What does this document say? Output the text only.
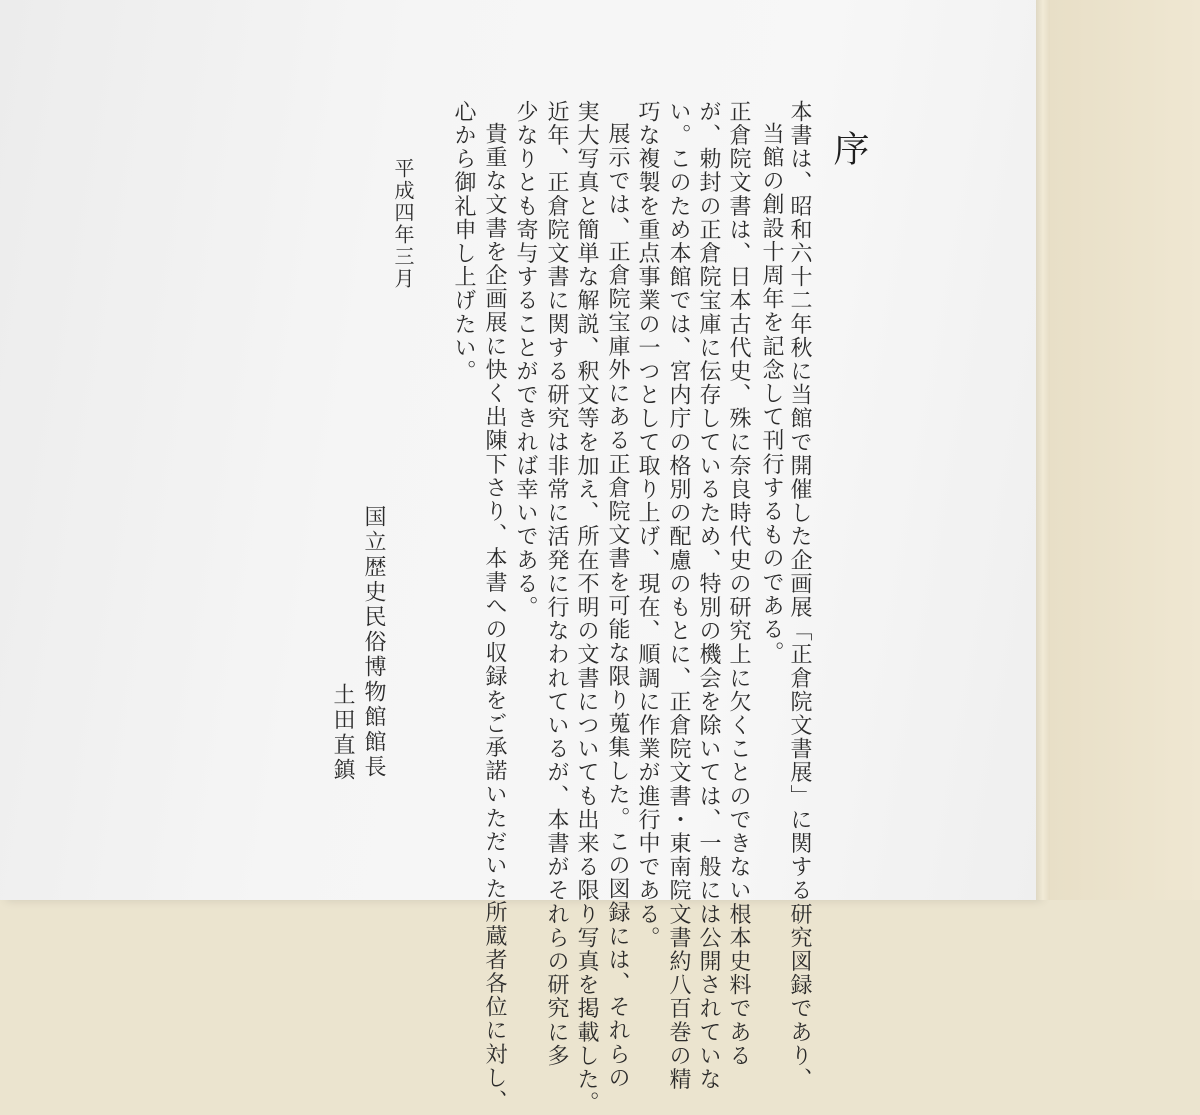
序
本書は、昭和六十二年秋に当館で開催した企画展「正倉院文書展」に関する研究図録であり、
当館の創設十周年を記念して刊行するものである。
正倉院文書は、日本古代史、殊に奈良時代史の研究上に欠くことのできない根本史料である
が、勅封の正倉院宝庫に伝存しているため、特別の機会を除いては、一般には公開されていな
い。このため本館では、宮内庁の格別の配慮のもとに、正倉院文書・東南院文書約八百巻の精
巧な複製を重点事業の一つとして取り上げ、現在、順調に作業が進行中である。
展示では、正倉院宝庫外にある正倉院文書を可能な限り蒐集した。この図録には、それらの
実大写真と簡単な解説、釈文等を加え、所在不明の文書についても出来る限り写真を掲載した。
近年、正倉院文書に関する研究は非常に活発に行なわれているが、本書がそれらの研究に多
少なりとも寄与することができれば幸いである。
貴重な文書を企画展に快く出陳下さり、本書への収録をご承諾いただいた所蔵者各位に対し、
心から御礼申し上げたい。
平成四年三月
国立歴史民俗博物館館長
土田直鎮
